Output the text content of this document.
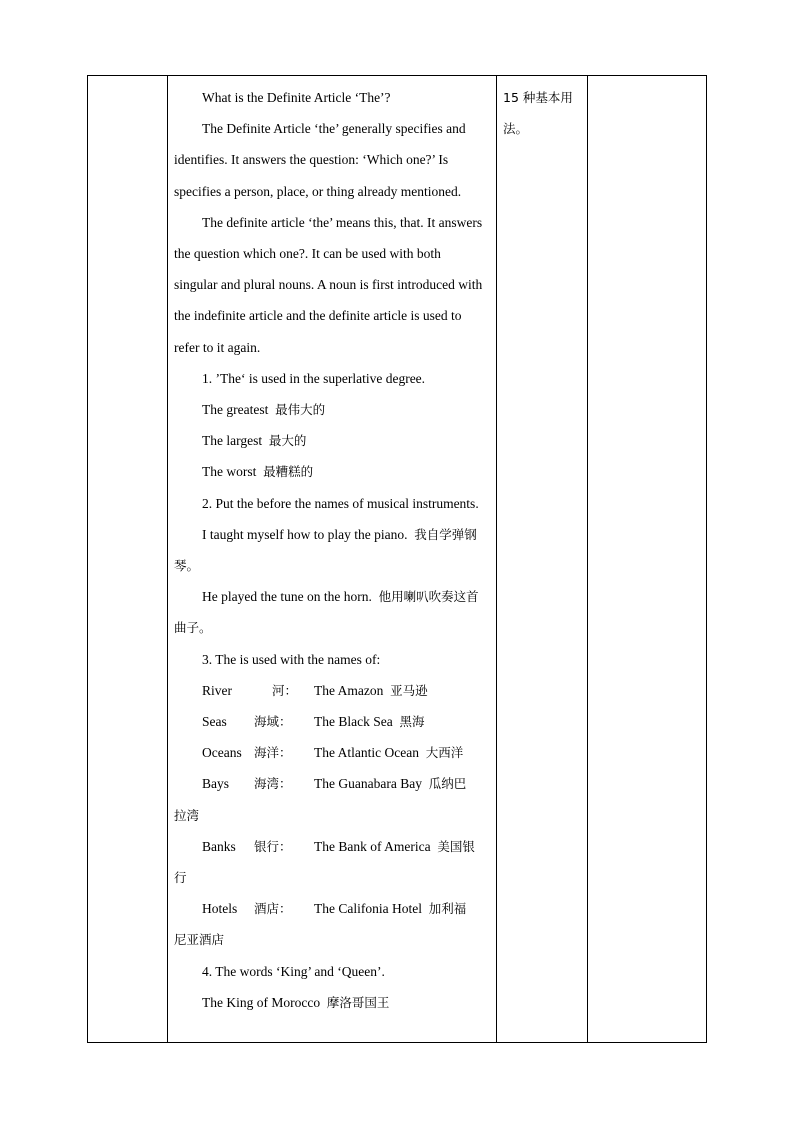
What is the Definite Article ‘The’?

The Definite Article ‘the’ generally specifies and identifies. It answers the question: ‘Which one?’ Is specifies a person, place, or thing already mentioned.

The definite article ‘the’ means this, that. It answers the question which one?. It can be used with both singular and plural nouns. A noun is first introduced with the indefinite article and the definite article is used to refer to it again.

1. ’The‘ is used in the superlative degree.

The greatest 最伟大的

The largest 最大的

The worst 最糟糕的

2. Put the before the names of musical instruments.

I taught myself how to play the piano. 我自学弹钢琴。

He played the tune on the horn. 他用喇叭吹奏这首曲子。

3. The is used with the names of:

River	河：	The Amazon 亚马逊
Seas	海域：	The Black Sea 黑海
Oceans 海洋：	The Atlantic Ocean 大西洋
Bays	海湾：	The Guanabara Bay 瓜纳巴

拉湾

Banks	银行：	The Bank of America 美国银

行

Hotels	酒店：	The Califonia Hotel 加利福

尼亚酒店

4. The words ‘King’ and ‘Queen’.

The King of Morocco 摩洛哥国王

15 种基本用

法。
